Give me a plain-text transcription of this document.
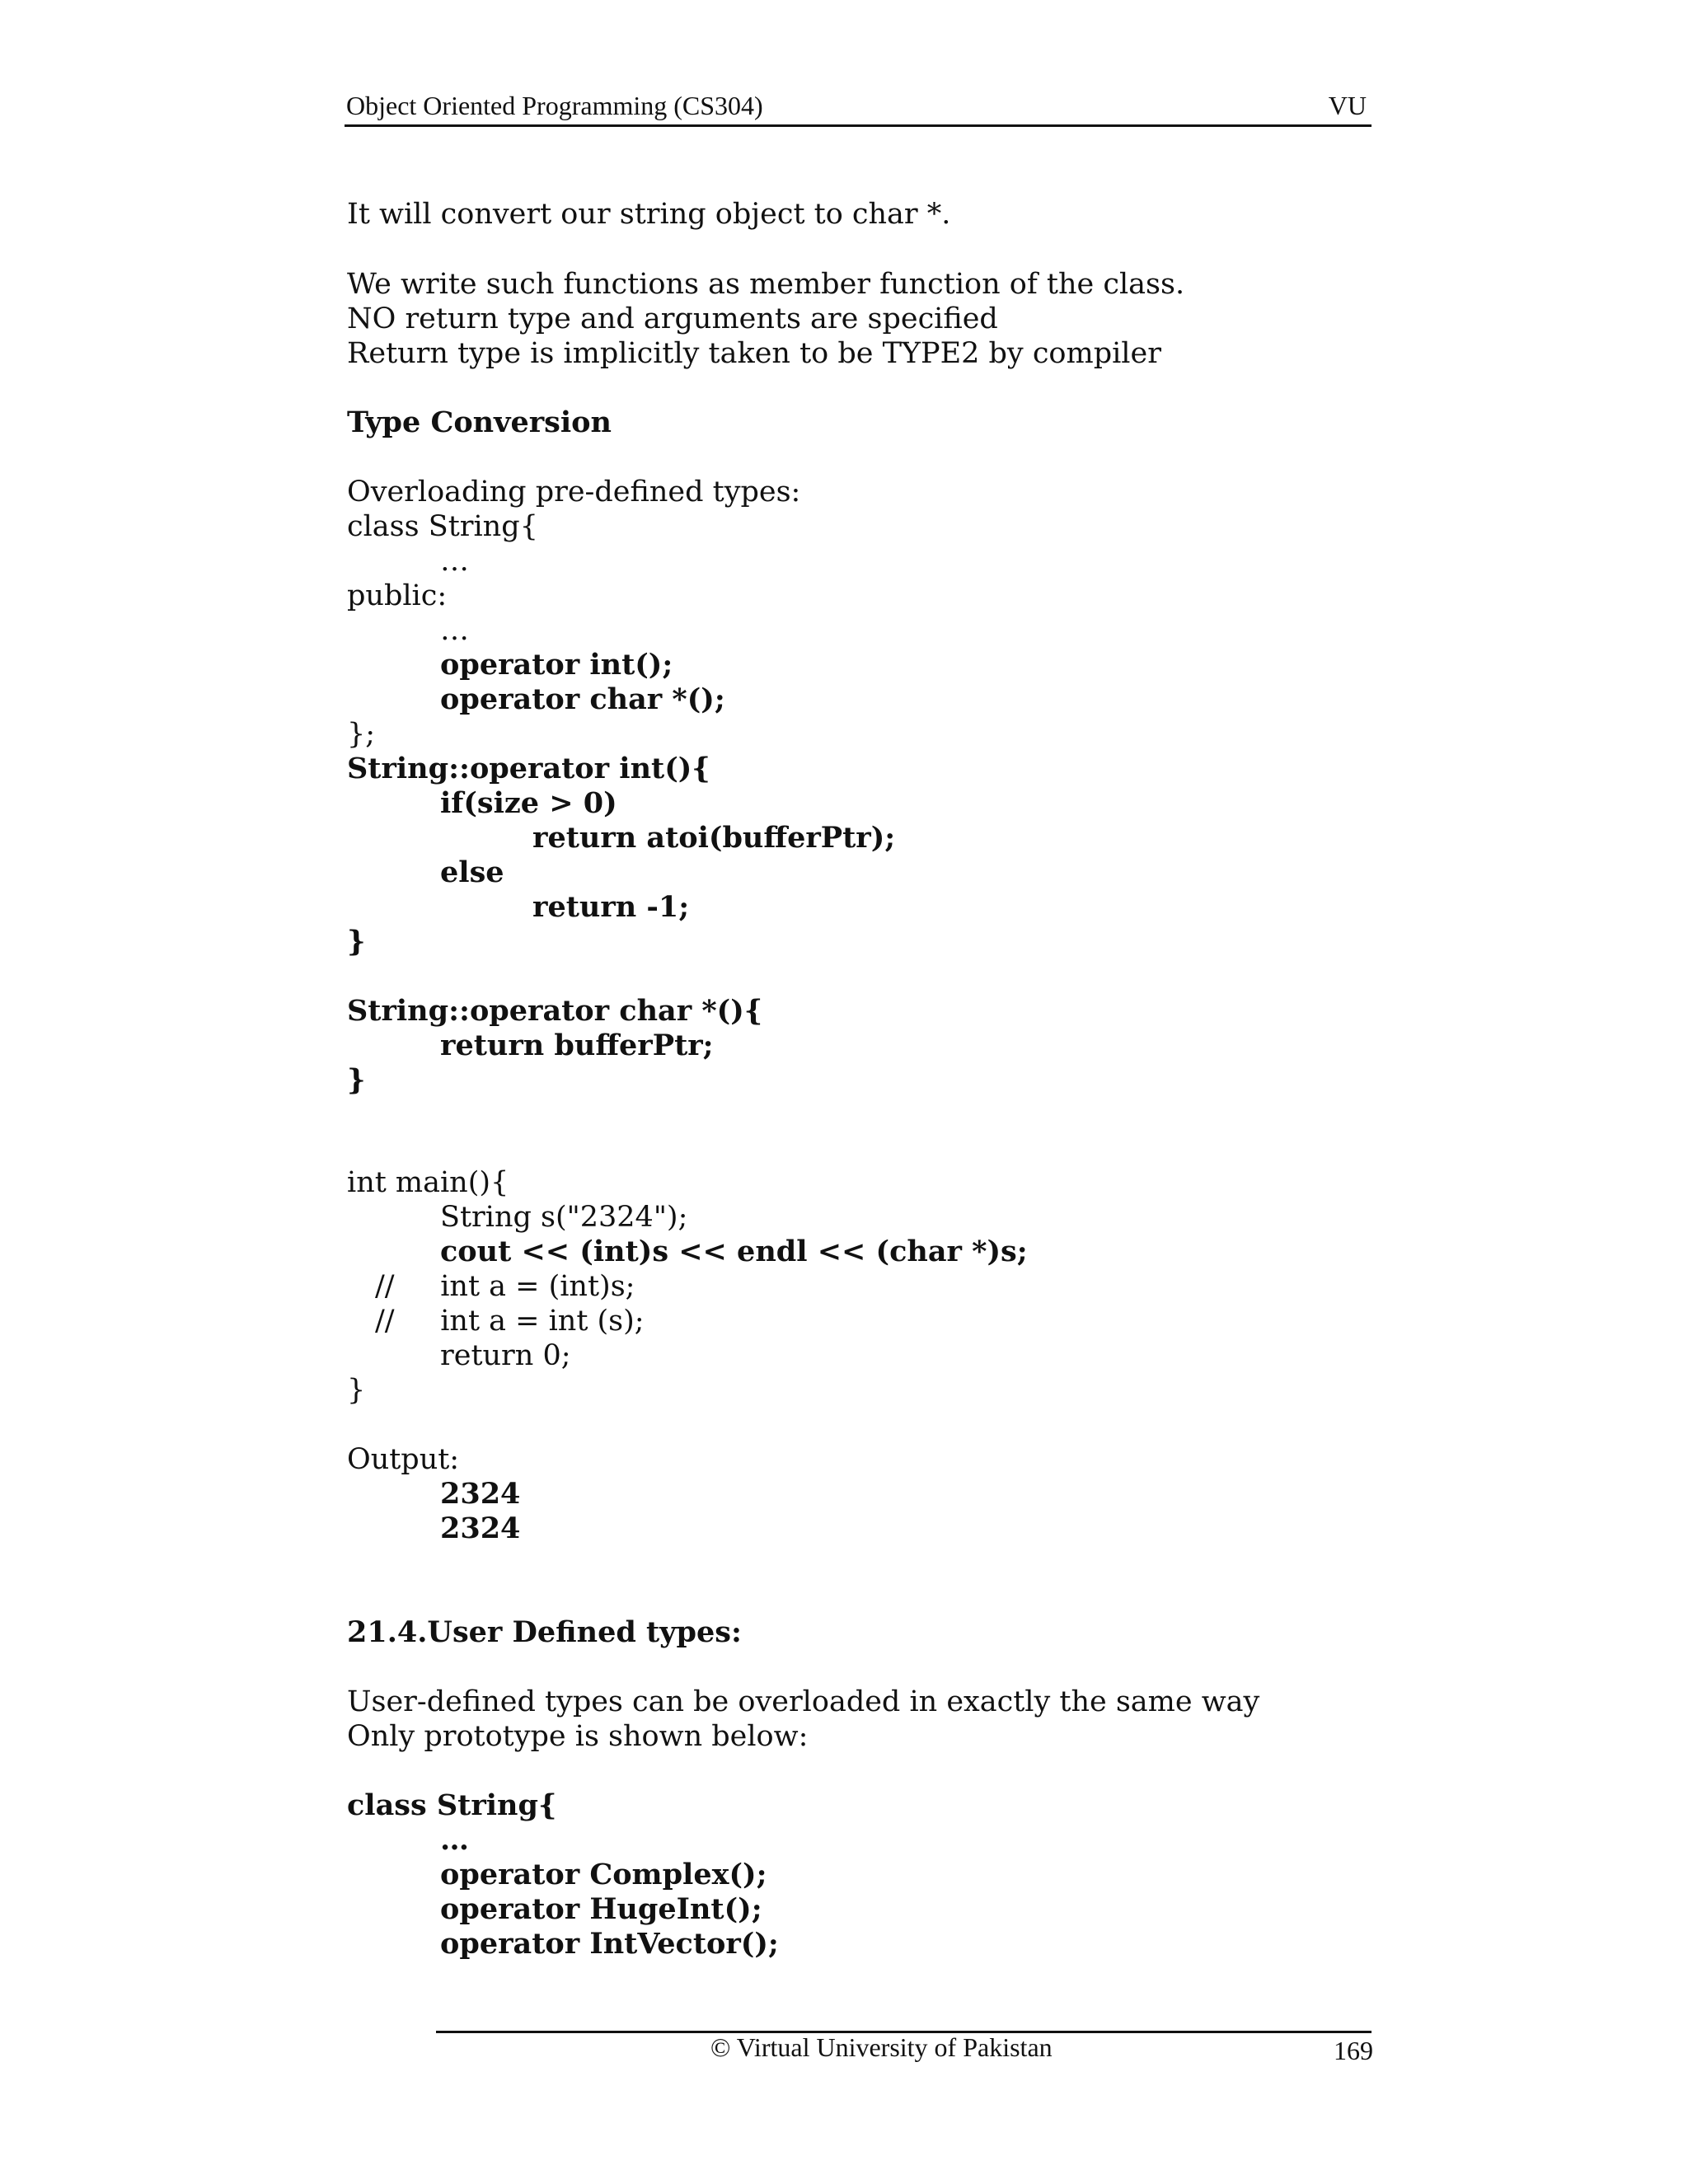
Object Oriented Programming (CS304)	VU
It will convert our string object to char *.
We write such functions as member function of the class.
NO return type and arguments are specified
Return type is implicitly taken to be TYPE2 by compiler
Type Conversion
Overloading pre-defined types:
class String{
…
public:
…
operator int();
operator char *();
};
String::operator int(){
if(size > 0)
return atoi(bufferPtr);
else
return -1;
}
String::operator char *(){
return bufferPtr;
}
int main(){
String s("2324");
cout << (int)s << endl << (char *)s;
//     int a = (int)s;
//     int a = int (s);
return 0;
}
Output:
2324
2324
21.4.User Defined types:
User-defined types can be overloaded in exactly the same way
Only prototype is shown below:
class String{
…
operator Complex();
operator HugeInt();
operator IntVector();
© Virtual University of Pakistan	169
